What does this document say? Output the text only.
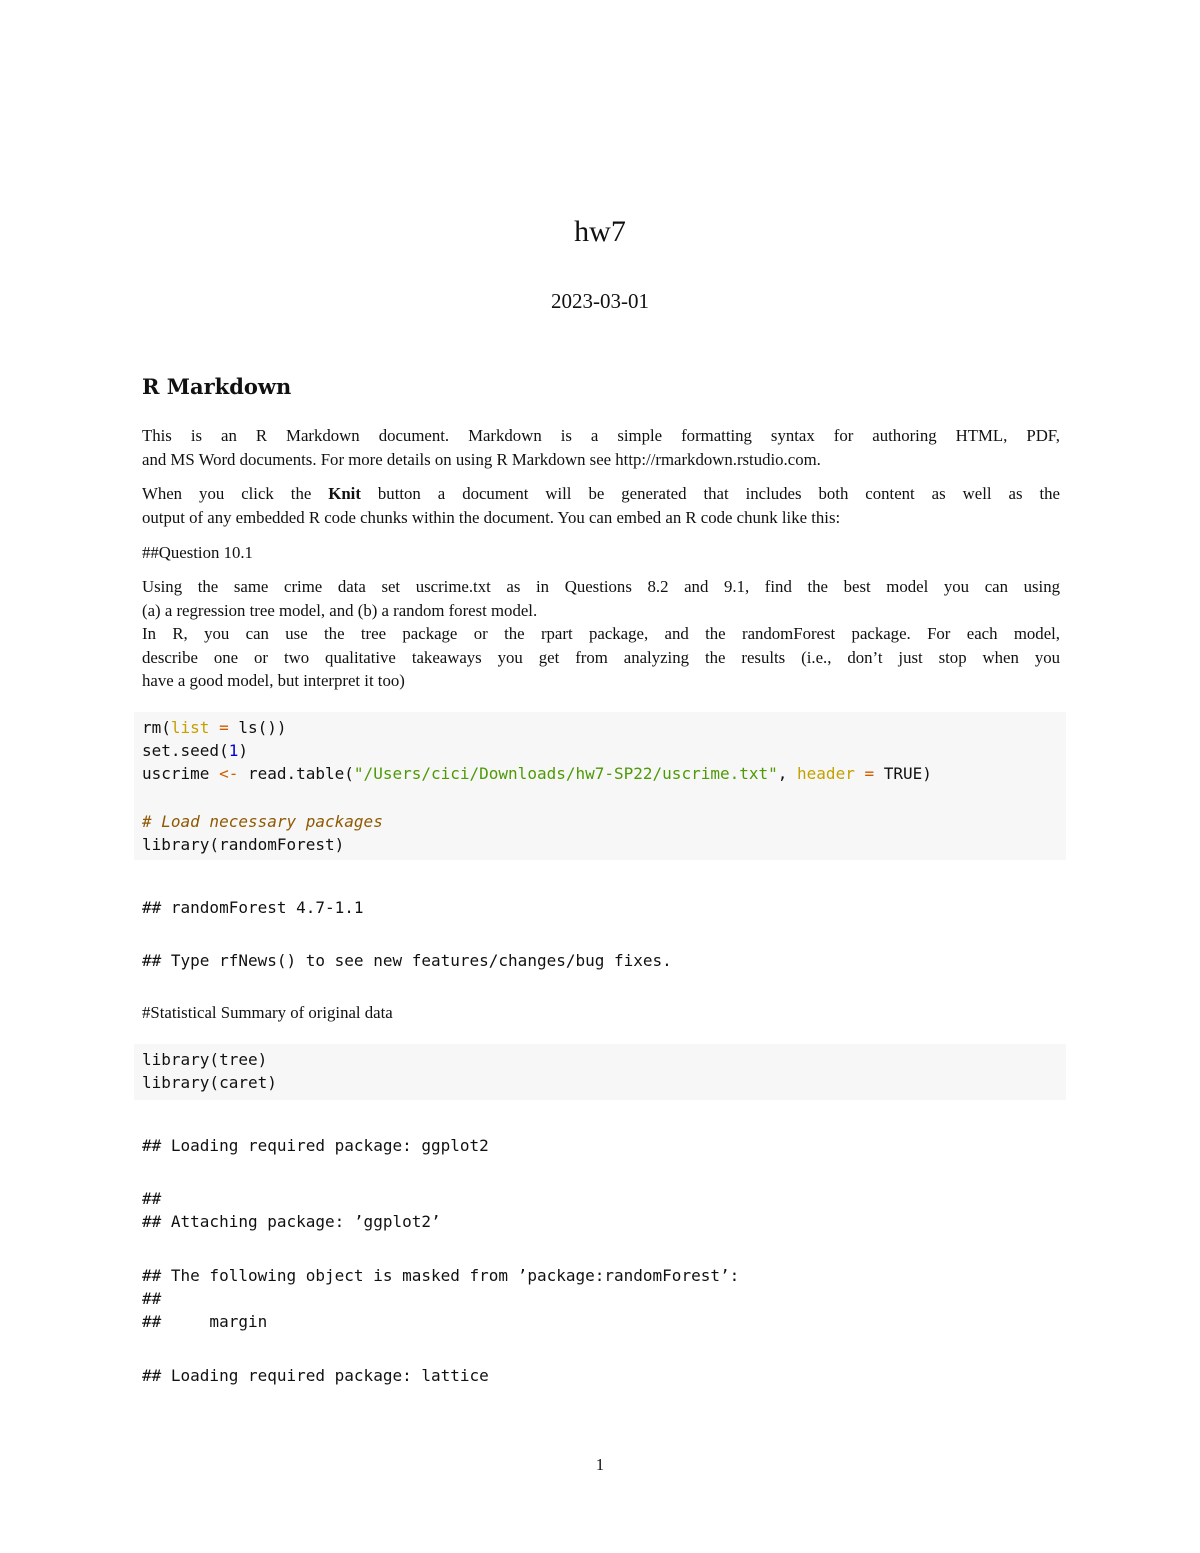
hw7
2023-03-01
R Markdown
This is an R Markdown document. Markdown is a simple formatting syntax for authoring HTML, PDF,
and MS Word documents. For more details on using R Markdown see http://rmarkdown.rstudio.com.
When you click the Knit button a document will be generated that includes both content as well as the
output of any embedded R code chunks within the document. You can embed an R code chunk like this:
##Question 10.1
Using the same crime data set uscrime.txt as in Questions 8.2 and 9.1, find the best model you can using
(a) a regression tree model, and (b) a random forest model.
In R, you can use the tree package or the rpart package, and the randomForest package. For each model,
describe one or two qualitative takeaways you get from analyzing the results (i.e., don’t just stop when you
have a good model, but interpret it too)
rm(list = ls())
set.seed(1)
uscrime <- read.table("/Users/cici/Downloads/hw7-SP22/uscrime.txt", header = TRUE)
# Load necessary packages
library(randomForest)
## randomForest 4.7-1.1
## Type rfNews() to see new features/changes/bug fixes.
#Statistical Summary of original data
library(tree)
library(caret)
## Loading required package: ggplot2
##
## Attaching package: ’ggplot2’
## The following object is masked from ’package:randomForest’:
##
##     margin
## Loading required package: lattice
1
